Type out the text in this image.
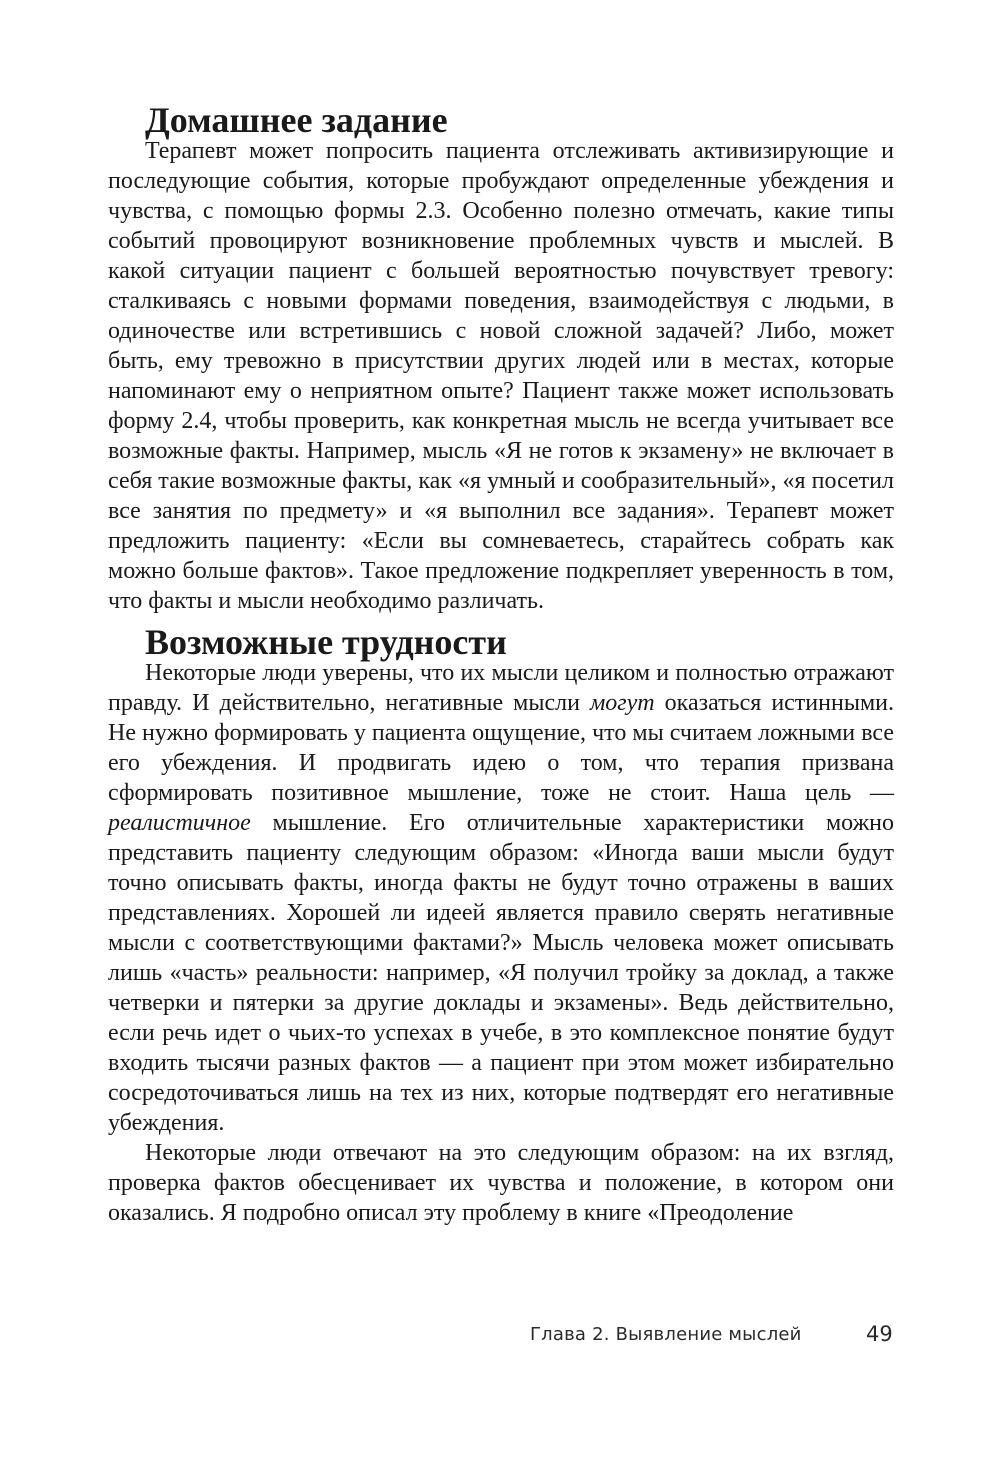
Домашнее задание

Терапевт может попросить пациента отслеживать активизирующие и последующие события, которые пробуждают определенные убеждения и чувства, с помощью формы 2.3. Особенно полезно отмечать, какие типы событий провоцируют возникновение проблемных чувств и мыслей. В какой ситуации пациент с большей вероятностью почувствует тревогу: сталкиваясь с новыми формами поведения, взаимодействуя с людьми, в одиночестве или встретившись с новой сложной задачей? Либо, может быть, ему тревожно в присутствии других людей или в местах, которые напоминают ему о неприятном опыте? Пациент также может использовать форму 2.4, чтобы проверить, как конкретная мысль не всегда учитывает все возможные факты. Например, мысль «Я не готов к экзамену» не включает в себя такие возможные факты, как «я умный и сообразительный», «я посетил все занятия по предмету» и «я выполнил все задания». Терапевт может предложить пациенту: «Если вы сомневаетесь, старайтесь собрать как можно больше фактов». Такое предложение подкрепляет уверенность в том, что факты и мысли необходимо различать.

Возможные трудности

Некоторые люди уверены, что их мысли целиком и полностью отражают правду. И действительно, негативные мысли могут оказаться истинными. Не нужно формировать у пациента ощущение, что мы считаем ложными все его убеждения. И продвигать идею о том, что терапия призвана сформировать позитивное мышление, тоже не стоит. Наша цель — реалистичное мышление. Его отличительные характеристики можно представить пациенту следующим образом: «Иногда ваши мысли будут точно описывать факты, иногда факты не будут точно отражены в ваших представлениях. Хорошей ли идеей является правило сверять негативные мысли с соответствующими фактами?» Мысль человека может описывать лишь «часть» реальности: например, «Я получил тройку за доклад, а также четверки и пятерки за другие доклады и экзамены». Ведь действительно, если речь идет о чьих-то успехах в учебе, в это комплексное понятие будут входить тысячи разных фактов — а пациент при этом может избирательно сосредоточиваться лишь на тех из них, которые подтвердят его негативные убеждения.

Некоторые люди отвечают на это следующим образом: на их взгляд, проверка фактов обесценивает их чувства и положение, в котором они оказались. Я подробно описал эту проблему в книге «Преодоление

Глава 2. Выявление мыслей	49
